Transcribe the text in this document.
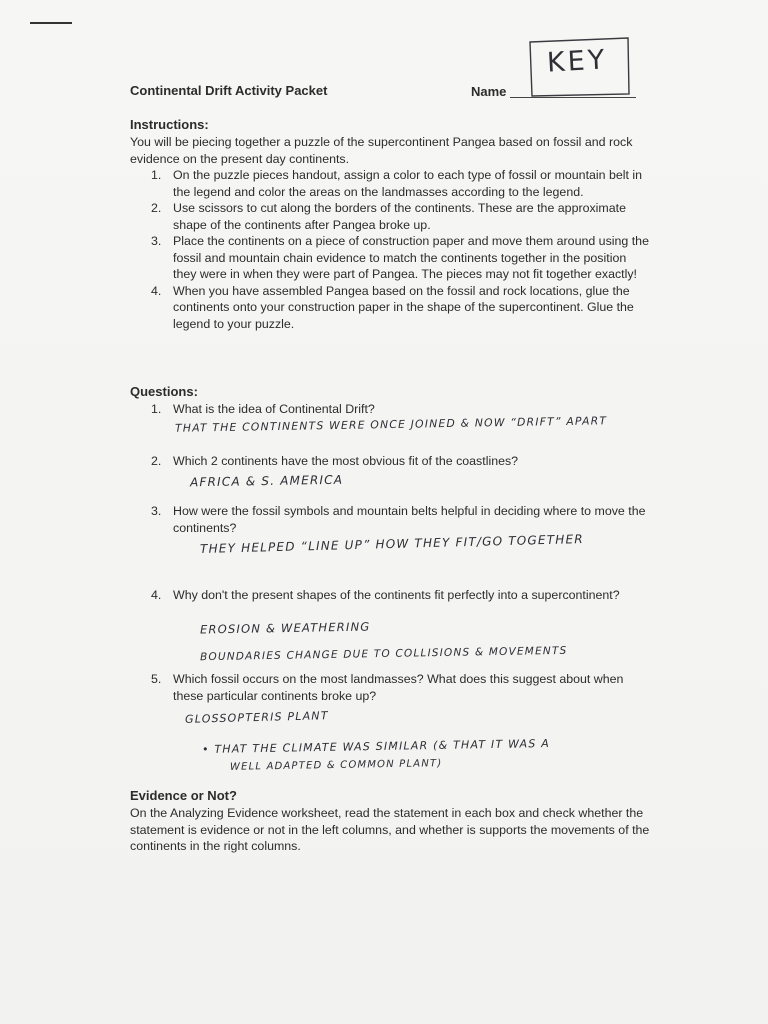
Continental Drift Activity Packet	Name
KEY
Instructions:
You will be piecing together a puzzle of the supercontinent Pangea based on fossil and rock evidence on the present day continents.
1. On the puzzle pieces handout, assign a color to each type of fossil or mountain belt in the legend and color the areas on the landmasses according to the legend.
2. Use scissors to cut along the borders of the continents. These are the approximate shape of the continents after Pangea broke up.
3. Place the continents on a piece of construction paper and move them around using the fossil and mountain chain evidence to match the continents together in the position they were in when they were part of Pangea. The pieces may not fit together exactly!
4. When you have assembled Pangea based on the fossil and rock locations, glue the continents onto your construction paper in the shape of the supercontinent. Glue the legend to your puzzle.
Questions:
1. What is the idea of Continental Drift?
THAT THE CONTINENTS WERE ONCE JOINED & NOW “DRIFT” APART
2. Which 2 continents have the most obvious fit of the coastlines?
AFRICA & S. AMERICA
3. How were the fossil symbols and mountain belts helpful in deciding where to move the continents?
THEY HELPED “LINE UP” HOW THEY FIT/GO TOGETHER
4. Why don't the present shapes of the continents fit perfectly into a supercontinent?
EROSION & WEATHERING
BOUNDARIES CHANGE DUE TO COLLISIONS & MOVEMENTS
5. Which fossil occurs on the most landmasses? What does this suggest about when these particular continents broke up?
GLOSSOPTERIS PLANT
• THAT THE CLIMATE WAS SIMILAR (& THAT IT WAS A
WELL ADAPTED & COMMON PLANT)
Evidence or Not?
On the Analyzing Evidence worksheet, read the statement in each box and check whether the statement is evidence or not in the left columns, and whether is supports the movements of the continents in the right columns.
